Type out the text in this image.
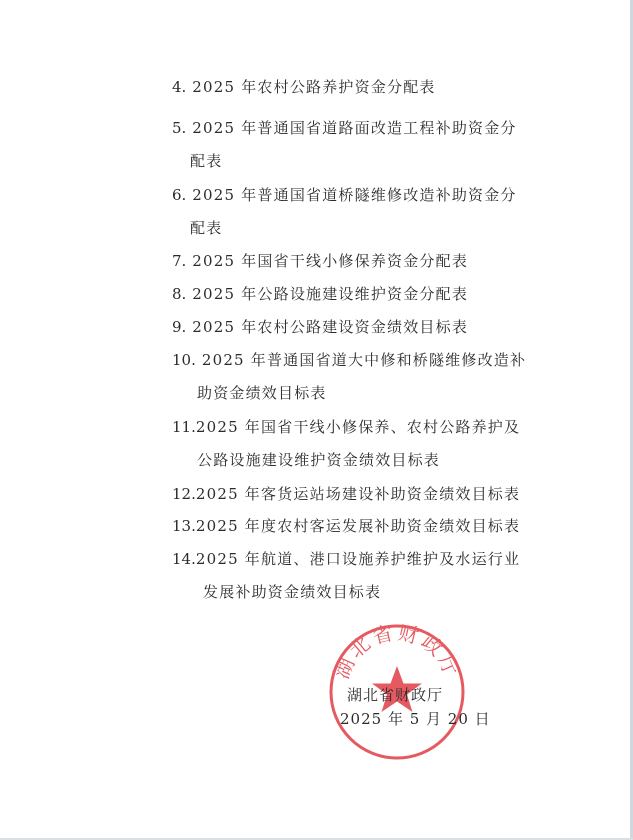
4. 2025 年农村公路养护资金分配表
5. 2025 年普通国省道路面改造工程补助资金分
配表
6. 2025 年普通国省道桥隧维修改造补助资金分
配表
7. 2025 年国省干线小修保养资金分配表
8. 2025 年公路设施建设维护资金分配表
9. 2025 年农村公路建设资金绩效目标表
10. 2025 年普通国省道大中修和桥隧维修改造补
助资金绩效目标表
11.2025 年国省干线小修保养、农村公路养护及
公路设施建设维护资金绩效目标表
12.2025 年客货运站场建设补助资金绩效目标表
13.2025 年度农村客运发展补助资金绩效目标表
14.2025 年航道、港口设施养护维护及水运行业
发展补助资金绩效目标表
湖北省财政厅
湖北省财政厅
2025 年 5 月 20 日
